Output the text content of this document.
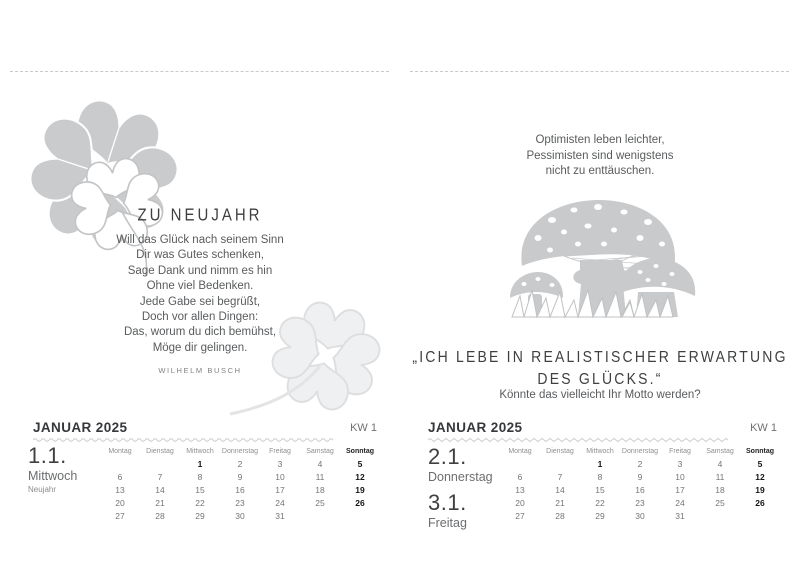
ZU NEUJAHR
Will das Glück nach seinem Sinn
Dir was Gutes schenken,
Sage Dank und nimm es hin
Ohne viel Bedenken.
Jede Gabe sei begrüßt,
Doch vor allen Dingen:
Das, worum du dich bemühst,
Möge dir gelingen.
WILHELM BUSCH
JANUAR 2025	KW 1
1.1.
Mittwoch
Neujahr
Montag	Dienstag	Mittwoch	Donnerstag	Freitag	Samstag	Sonntag
		1	2	3	4	5
6	7	8	9	10	11	12
13	14	15	16	17	18	19
20	21	22	23	24	25	26
27	28	29	30	31		
Optimisten leben leichter,
Pessimisten sind wenigstens
nicht zu enttäuschen.
„ICH LEBE IN REALISTISCHER ERWARTUNG
DES GLÜCKS.“
Könnte das vielleicht Ihr Motto werden?
JANUAR 2025	KW 1
2.1.
Donnerstag
3.1.
Freitag
Montag	Dienstag	Mittwoch	Donnerstag	Freitag	Samstag	Sonntag
		1	2	3	4	5
6	7	8	9	10	11	12
13	14	15	16	17	18	19
20	21	22	23	24	25	26
27	28	29	30	31		
